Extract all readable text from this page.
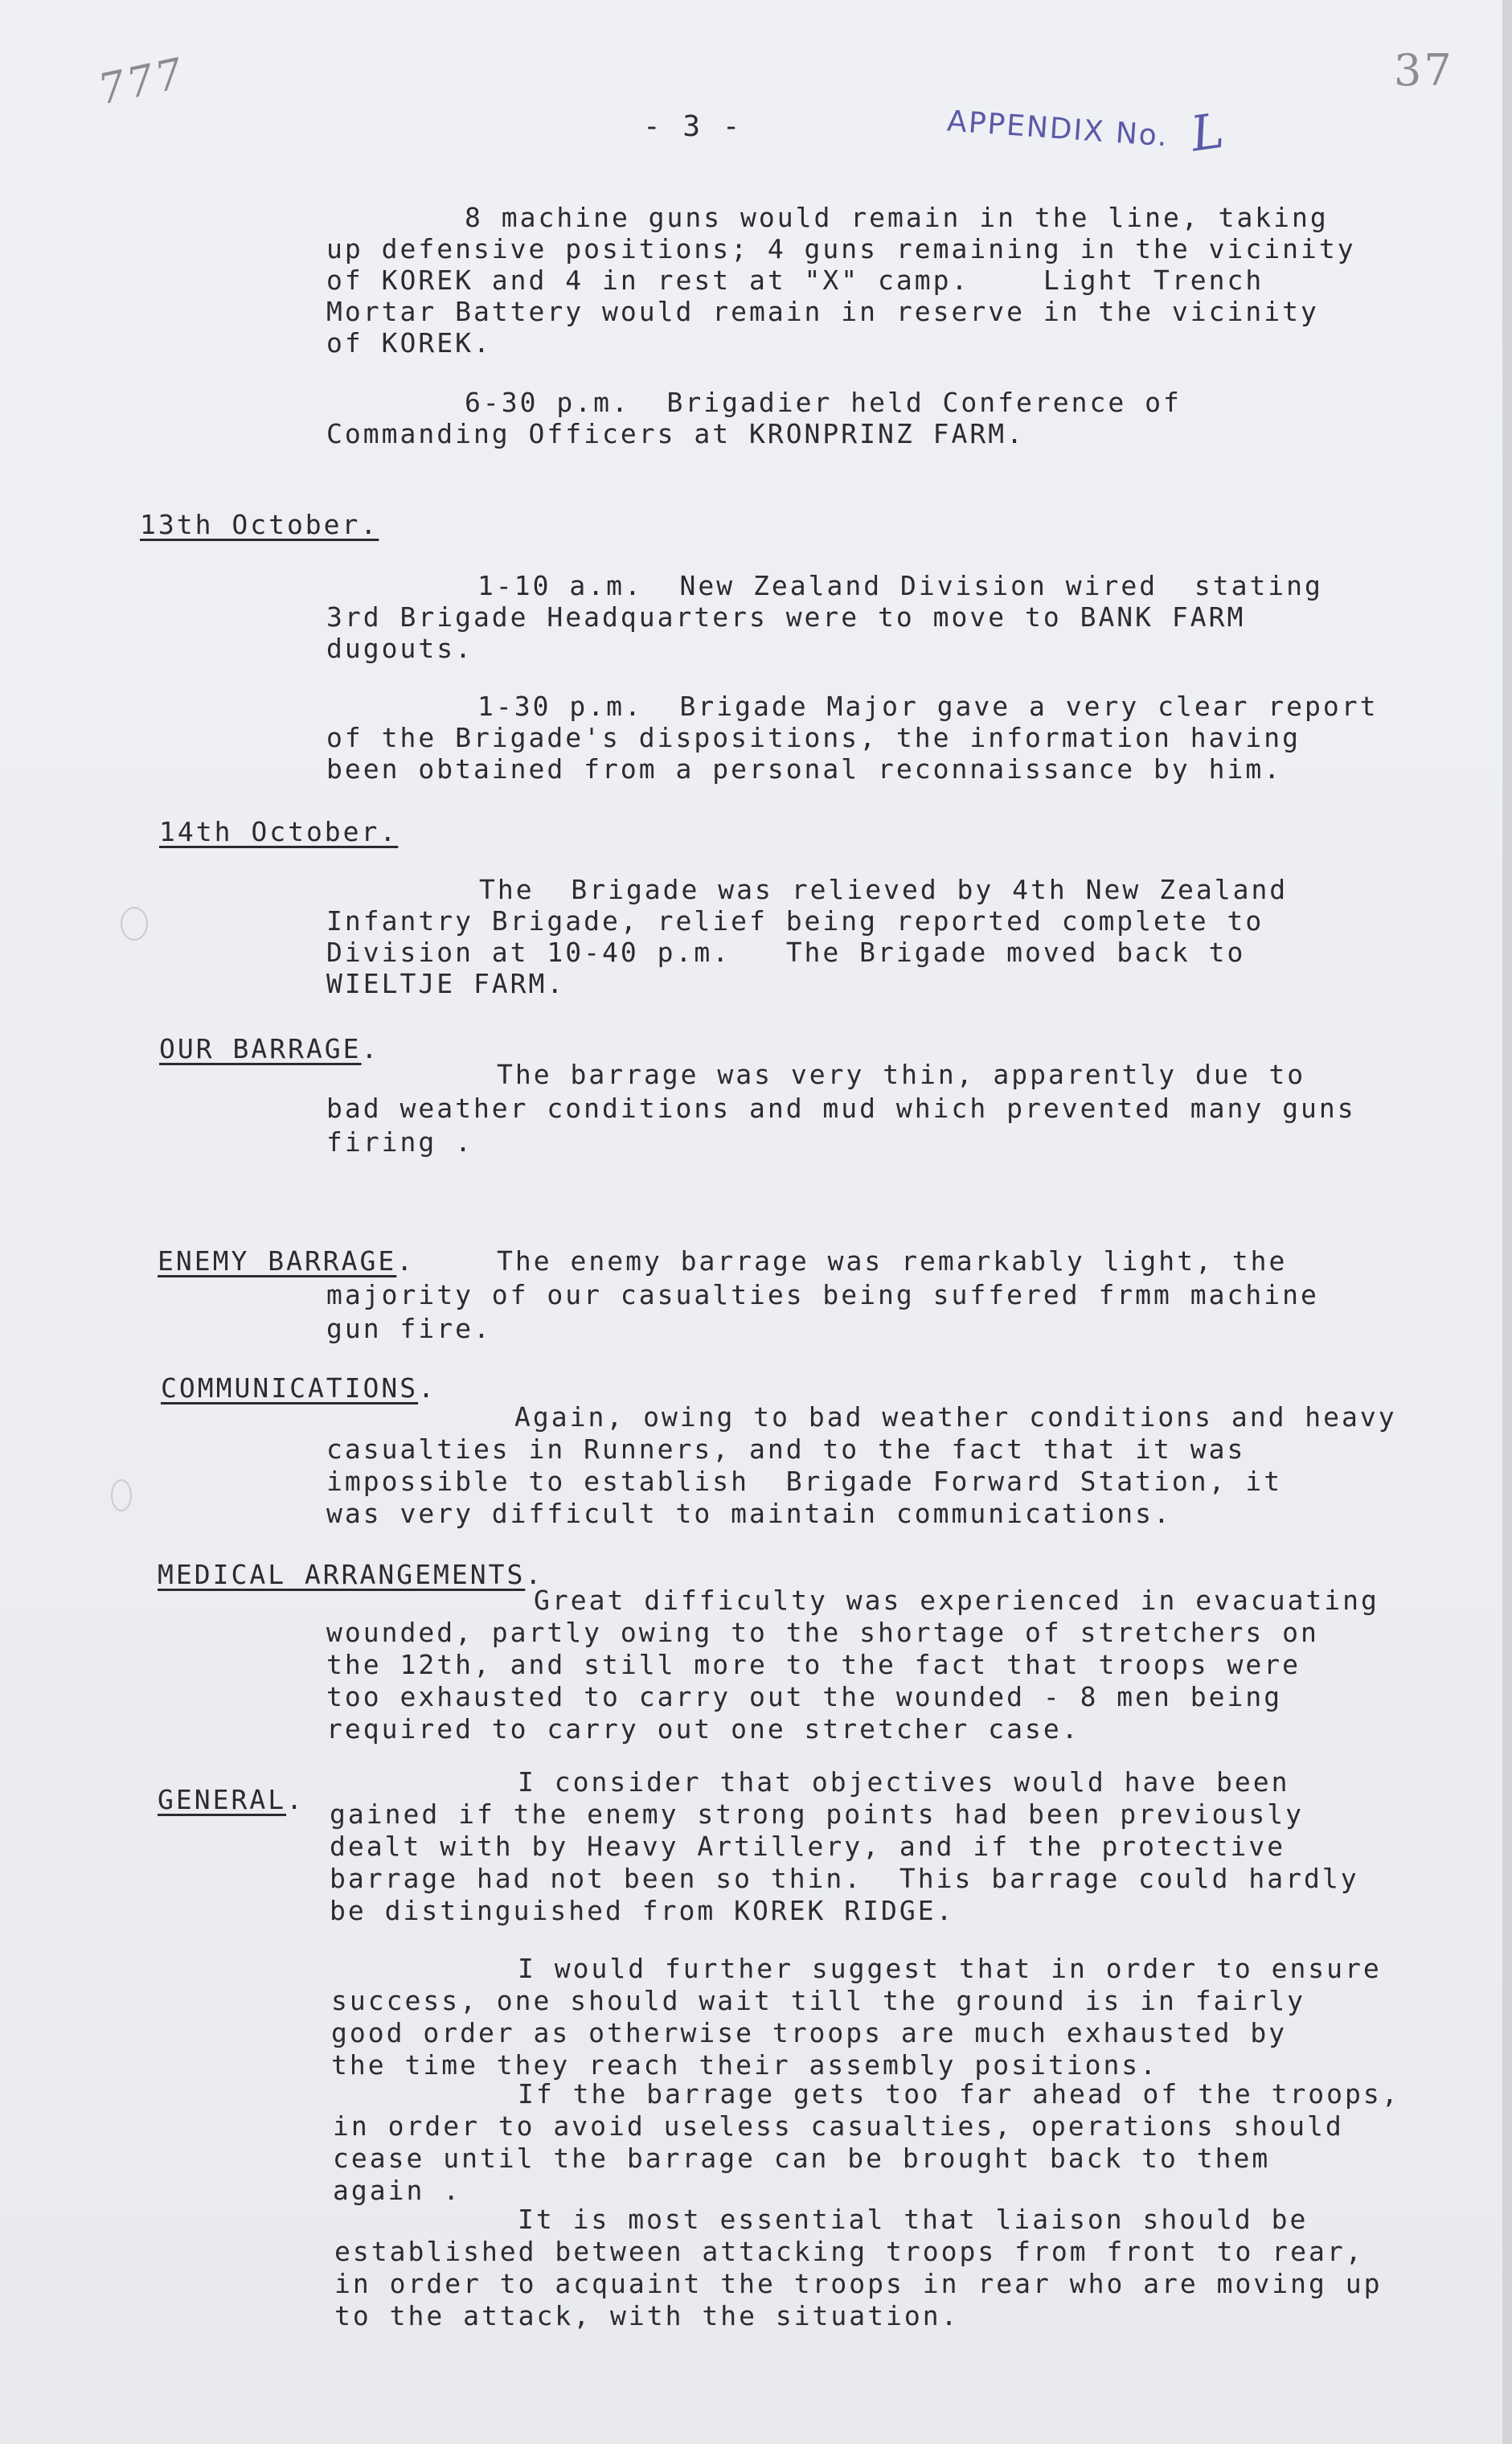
777	37
- 3 -	APPENDIX No. L
8 machine guns would remain in the line, taking
up defensive positions; 4 guns remaining in the vicinity
of KOREK and 4 in rest at "X" camp.    Light Trench
Mortar Battery would remain in reserve in the vicinity
of KOREK.
6-30 p.m.  Brigadier held Conference of
Commanding Officers at KRONPRINZ FARM.
13th October.
1-10 a.m.  New Zealand Division wired  stating
3rd Brigade Headquarters were to move to BANK FARM
dugouts.
1-30 p.m.  Brigade Major gave a very clear report
of the Brigade's dispositions, the information having
been obtained from a personal reconnaissance by him.
14th October.
The  Brigade was relieved by 4th New Zealand
Infantry Brigade, relief being reported complete to
Division at 10-40 p.m.   The Brigade moved back to
WIELTJE FARM.
OUR BARRAGE.
The barrage was very thin, apparently due to
bad weather conditions and mud which prevented many guns
firing .
ENEMY BARRAGE.	The enemy barrage was remarkably light, the
majority of our casualties being suffered frmm machine
gun fire.
COMMUNICATIONS.
Again, owing to bad weather conditions and heavy
casualties in Runners, and to the fact that it was
impossible to establish  Brigade Forward Station, it
was very difficult to maintain communications.
MEDICAL ARRANGEMENTS.
Great difficulty was experienced in evacuating
wounded, partly owing to the shortage of stretchers on
the 12th, and still more to the fact that troops were
too exhausted to carry out the wounded - 8 men being
required to carry out one stretcher case.
GENERAL.
I consider that objectives would have been
gained if the enemy strong points had been previously
dealt with by Heavy Artillery, and if the protective
barrage had not been so thin.  This barrage could hardly
be distinguished from KOREK RIDGE.
I would further suggest that in order to ensure
success, one should wait till the ground is in fairly
good order as otherwise troops are much exhausted by
the time they reach their assembly positions.
If the barrage gets too far ahead of the troops,
in order to avoid useless casualties, operations should
cease until the barrage can be brought back to them
again .
It is most essential that liaison should be
established between attacking troops from front to rear,
in order to acquaint the troops in rear who are moving up
to the attack, with the situation.
